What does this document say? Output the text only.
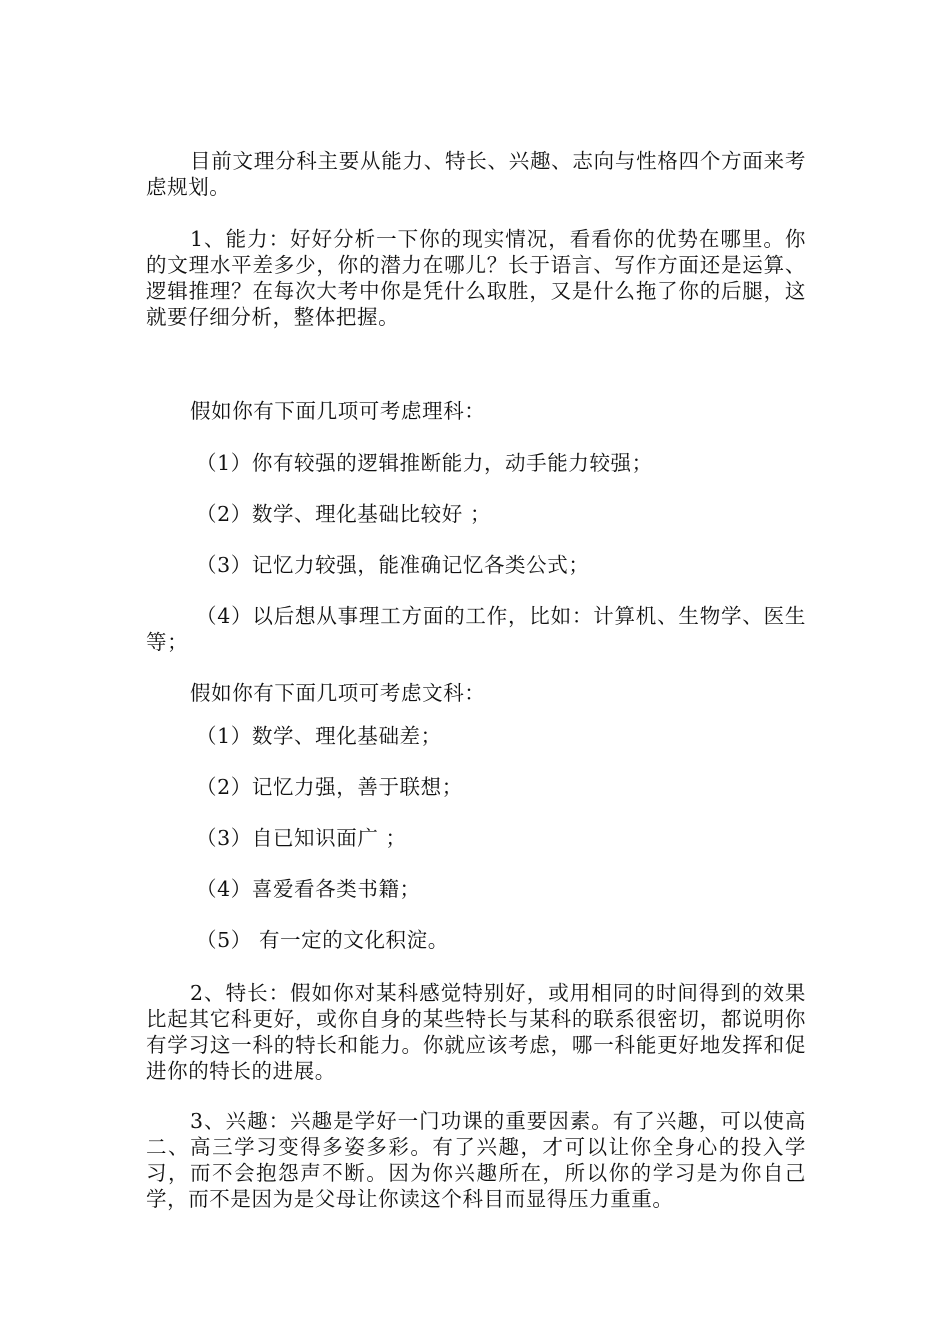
目前文理分科主要从能力、特长、兴趣、志向与性格四个方面来考虑规划。

1、能力：好好分析一下你的现实情况，看看你的优势在哪里。你的文理水平差多少，你的潜力在哪儿？长于语言、写作方面还是运算、逻辑推理？在每次大考中你是凭什么取胜，又是什么拖了你的后腿，这就要仔细分析，整体把握。

假如你有下面几项可考虑理科：

（1）你有较强的逻辑推断能力，动手能力较强；

（2）数学、理化基础比较好 ；

（3）记忆力较强，能准确记忆各类公式；

（4）以后想从事理工方面的工作，比如：计算机、生物学、医生等；

假如你有下面几项可考虑文科：

（1）数学、理化基础差；

（2）记忆力强，善于联想；

（3）自已知识面广 ；

（4）喜爱看各类书籍；

（5） 有一定的文化积淀。

2、特长：假如你对某科感觉特别好，或用相同的时间得到的效果比起其它科更好，或你自身的某些特长与某科的联系很密切，都说明你有学习这一科的特长和能力。你就应该考虑，哪一科能更好地发挥和促进你的特长的进展。

3、兴趣：兴趣是学好一门功课的重要因素。有了兴趣，可以使高二、高三学习变得多姿多彩。有了兴趣，才可以让你全身心的投入学习，而不会抱怨声不断。因为你兴趣所在，所以你的学习是为你自己学，而不是因为是父母让你读这个科目而显得压力重重。
